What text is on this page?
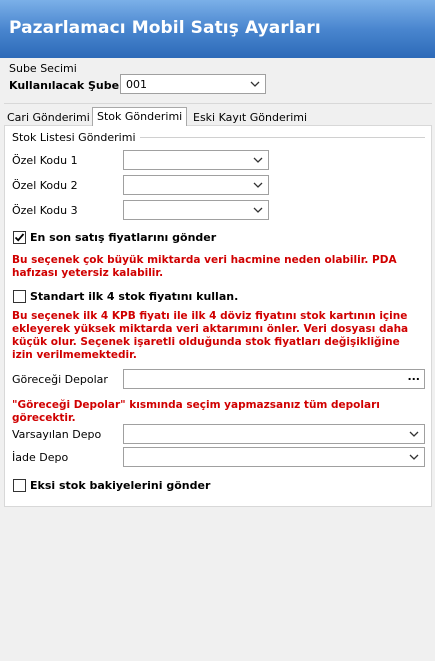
Pazarlamacı Mobil Satış Ayarları
Sube Secimi
Kullanılacak Şube 001
Cari Gönderimi Stok Gönderimi Eski Kayıt Gönderimi
Stok Listesi Gönderimi
Özel Kodu 1
Özel Kodu 2
Özel Kodu 3
En son satış fiyatlarını gönder
Bu seçenek çok büyük miktarda veri hacmine neden olabilir. PDA hafızası yetersiz kalabilir.
Standart ilk 4 stok fiyatını kullan.
Bu seçenek ilk 4 KPB fiyatı ile ilk 4 döviz fiyatını stok kartının içine ekleyerek yüksek miktarda veri aktarımını önler. Veri dosyası daha küçük olur. Seçenek işaretli olduğunda stok fiyatları değişikliğine izin verilmemektedir.
Göreceği Depolar	...
"Göreceği Depolar" kısmında seçim yapmazsanız tüm depoları görecektir.
Varsayılan Depo
İade Depo
Eksi stok bakiyelerini gönder
